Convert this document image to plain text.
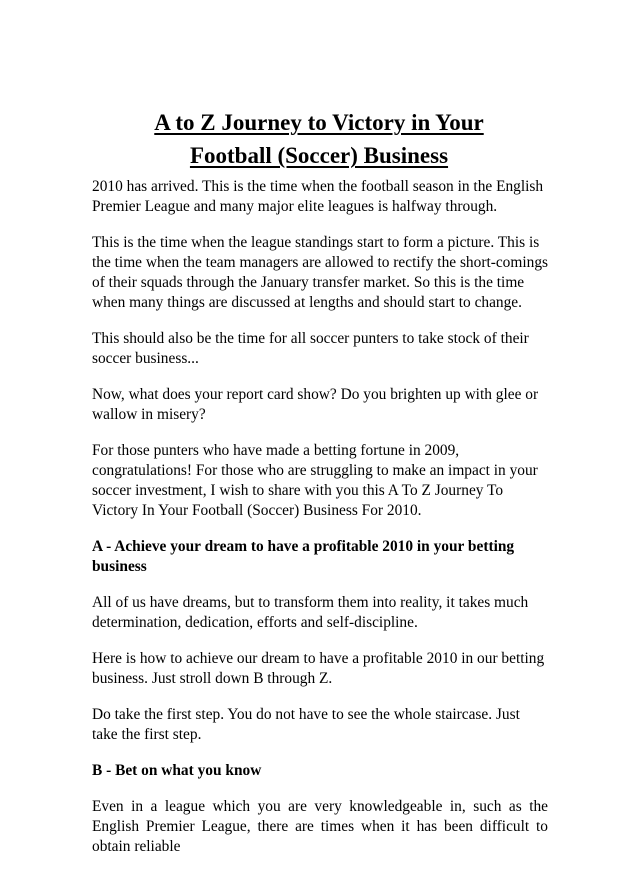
A to Z Journey to Victory in Your
Football (Soccer) Business

2010 has arrived. This is the time when the football season in the English Premier League and many major elite leagues is halfway through.

This is the time when the league standings start to form a picture. This is the time when the team managers are allowed to rectify the short-comings of their squads through the January transfer market. So this is the time when many things are discussed at lengths and should start to change.

This should also be the time for all soccer punters to take stock of their soccer business...

Now, what does your report card show? Do you brighten up with glee or wallow in misery?

For those punters who have made a betting fortune in 2009, congratulations! For those who are struggling to make an impact in your soccer investment, I wish to share with you this A To Z Journey To Victory In Your Football (Soccer) Business For 2010.

A - Achieve your dream to have a profitable 2010 in your betting business

All of us have dreams, but to transform them into reality, it takes much determination, dedication, efforts and self-discipline.

Here is how to achieve our dream to have a profitable 2010 in our betting business. Just stroll down B through Z.

Do take the first step. You do not have to see the whole staircase. Just take the first step.

B - Bet on what you know

Even in a league which you are very knowledgeable in, such as the English Premier League, there are times when it has been difficult to obtain reliable
